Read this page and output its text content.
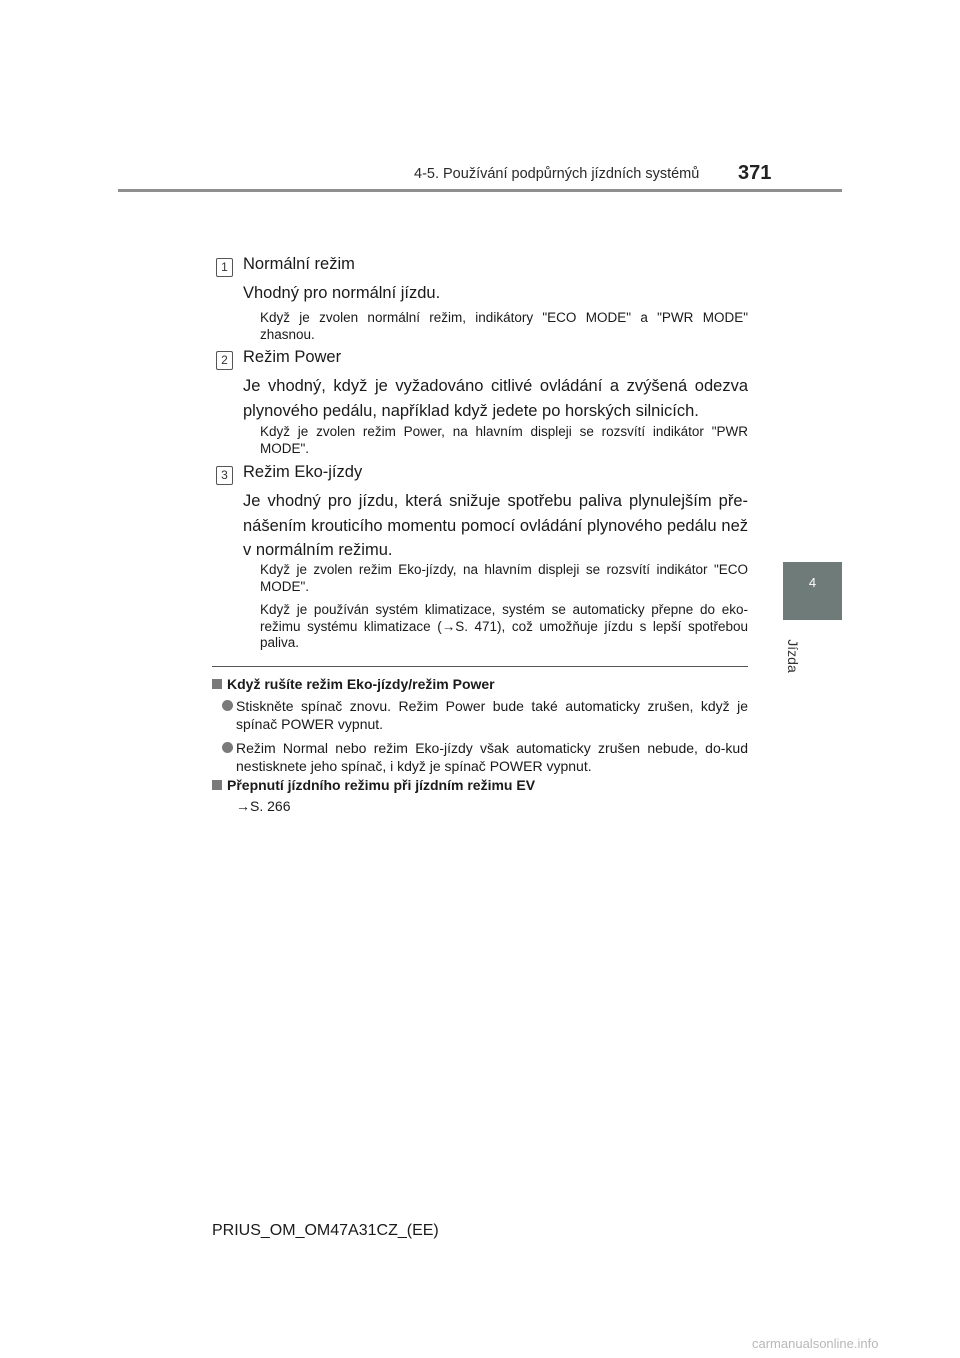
4-5. Používání podpůrných jízdních systémů 371
4
Jízda
1 Normální režim
Vhodný pro normální jízdu.
Když je zvolen normální režim, indikátory "ECO MODE" a "PWR MODE" zhasnou.
2 Režim Power
Je vhodný, když je vyžadováno citlivé ovládání a zvýšená odezva plynového pedálu, například když jedete po horských silnicích.
Když je zvolen režim Power, na hlavním displeji se rozsvítí indikátor "PWR MODE".
3 Režim Eko-jízdy
Je vhodný pro jízdu, která snižuje spotřebu paliva plynulejším pře-nášením krouticího momentu pomocí ovládání plynového pedálu než v normálním režimu.
Když je zvolen režim Eko-jízdy, na hlavním displeji se rozsvítí indikátor "ECO MODE".
Když je používán systém klimatizace, systém se automaticky přepne do eko-režimu systému klimatizace (→S. 471), což umožňuje jízdu s lepší spotřebou paliva.
Když rušíte režim Eko-jízdy/režim Power
Stiskněte spínač znovu. Režim Power bude také automaticky zrušen, když je spínač POWER vypnut.
Režim Normal nebo režim Eko-jízdy však automaticky zrušen nebude, do-kud nestisknete jeho spínač, i když je spínač POWER vypnut.
Přepnutí jízdního režimu při jízdním režimu EV
→S. 266
PRIUS_OM_OM47A31CZ_(EE)
carmanualsonline.info
